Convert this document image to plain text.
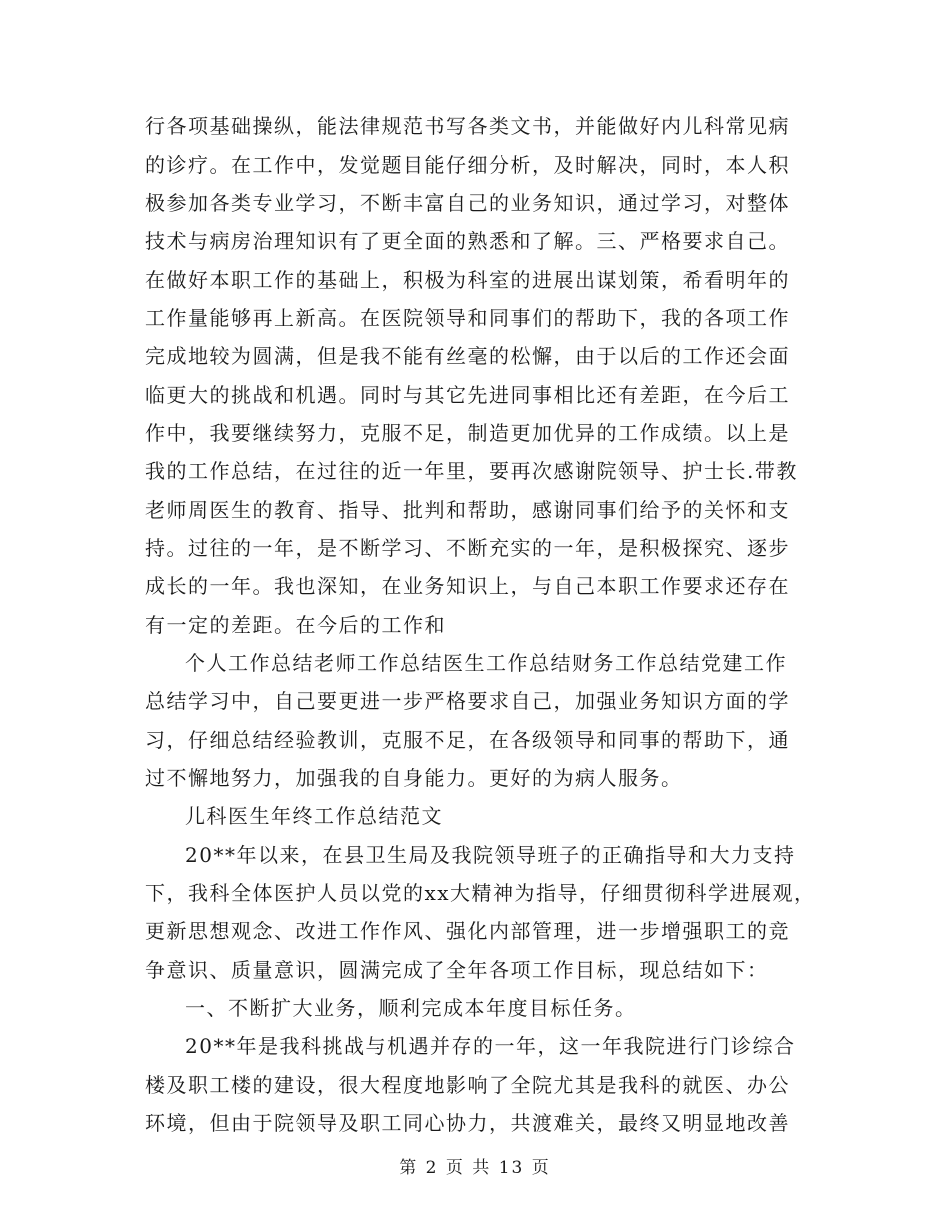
行各项基础操纵，能法律规范书写各类文书，并能做好内儿科常见病
的诊疗。在工作中，发觉题目能仔细分析，及时解决，同时，本人积
极参加各类专业学习，不断丰富自己的业务知识，通过学习，对整体
技术与病房治理知识有了更全面的熟悉和了解。三、严格要求自己。
在做好本职工作的基础上，积极为科室的进展出谋划策，希看明年的
工作量能够再上新高。在医院领导和同事们的帮助下，我的各项工作
完成地较为圆满，但是我不能有丝毫的松懈，由于以后的工作还会面
临更大的挑战和机遇。同时与其它先进同事相比还有差距，在今后工
作中，我要继续努力，克服不足，制造更加优异的工作成绩。以上是
我的工作总结，在过往的近一年里，要再次感谢院领导、护士长.带教
老师周医生的教育、指导、批判和帮助，感谢同事们给予的关怀和支
持。过往的一年，是不断学习、不断充实的一年，是积极探究、逐步
成长的一年。我也深知，在业务知识上，与自己本职工作要求还存在
有一定的差距。在今后的工作和
个人工作总结老师工作总结医生工作总结财务工作总结党建工作
总结学习中，自己要更进一步严格要求自己，加强业务知识方面的学
习，仔细总结经验教训，克服不足，在各级领导和同事的帮助下，通
过不懈地努力，加强我的自身能力。更好的为病人服务。
儿科医生年终工作总结范文
20**年以来，在县卫生局及我院领导班子的正确指导和大力支持
下，我科全体医护人员以党的xx大精神为指导，仔细贯彻科学进展观，
更新思想观念、改进工作作风、强化内部管理，进一步增强职工的竞
争意识、质量意识，圆满完成了全年各项工作目标，现总结如下：
一、不断扩大业务，顺利完成本年度目标任务。
20**年是我科挑战与机遇并存的一年，这一年我院进行门诊综合
楼及职工楼的建设，很大程度地影响了全院尤其是我科的就医、办公
环境，但由于院领导及职工同心协力，共渡难关，最终又明显地改善
第 2 页 共 13 页
